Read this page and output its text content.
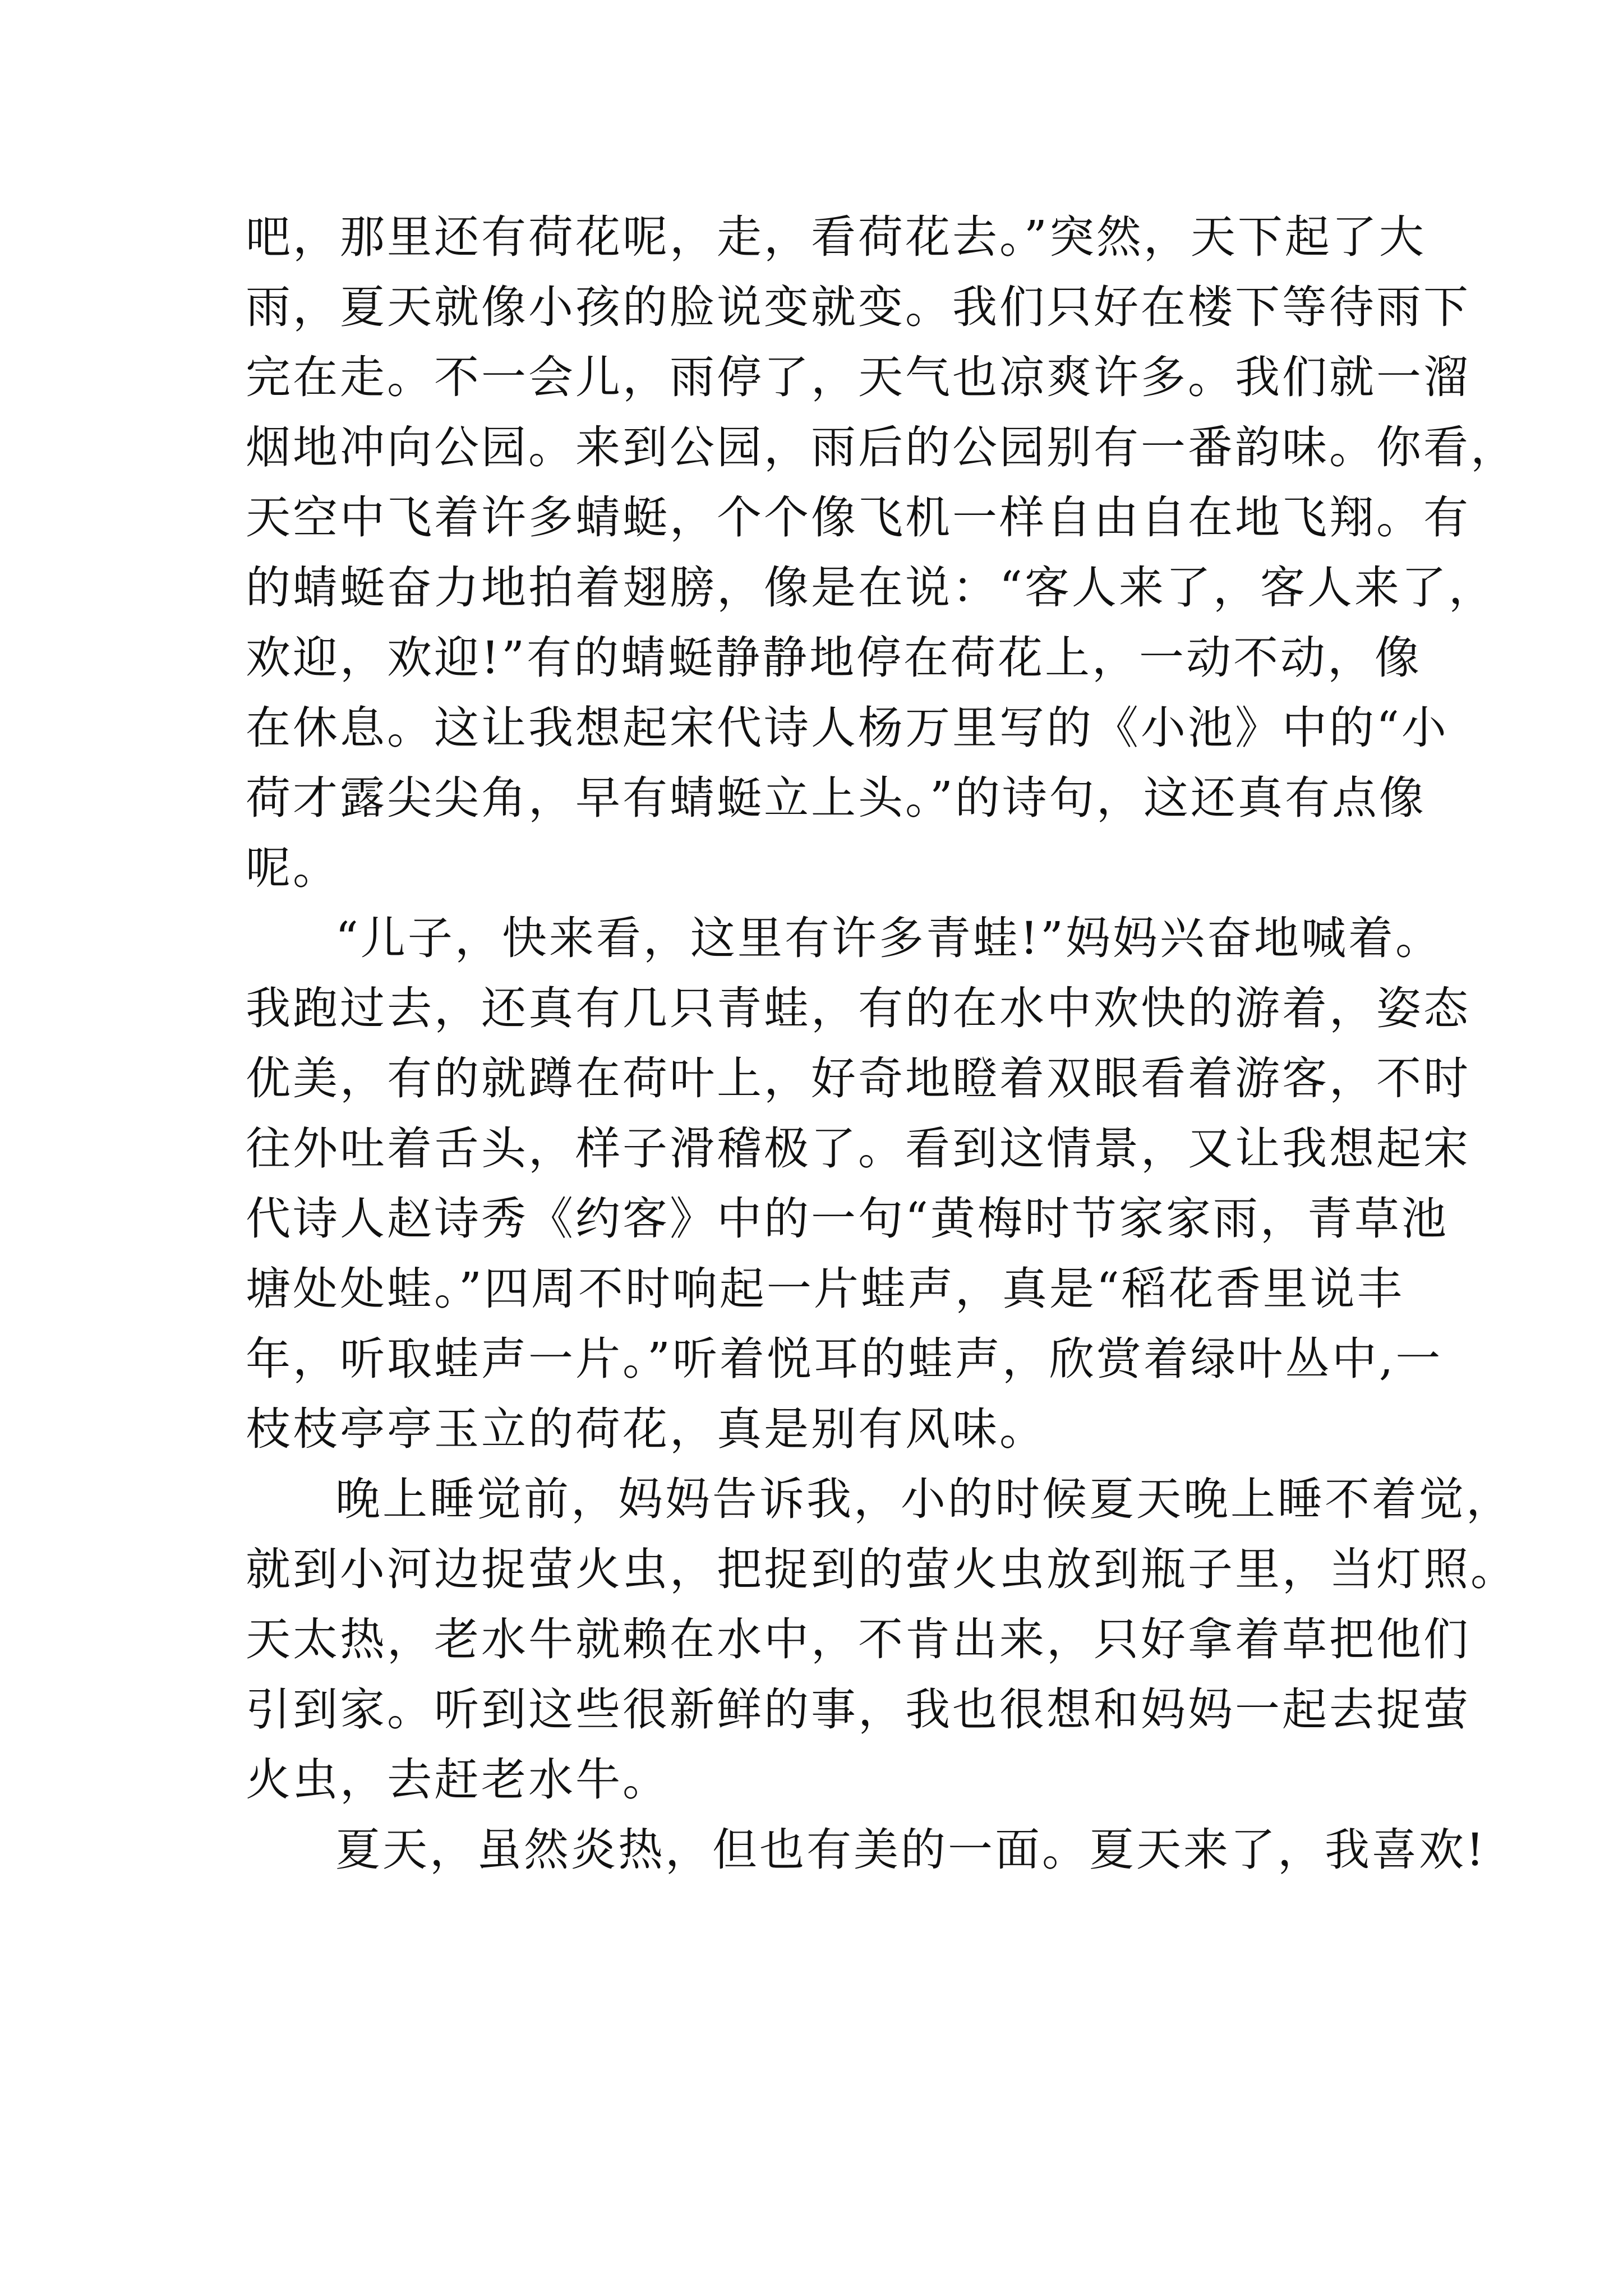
吧，那里还有荷花呢，走，看荷花去。”突然，天下起了大
雨，夏天就像小孩的脸说变就变。我们只好在楼下等待雨下
完在走。不一会儿，雨停了，天气也凉爽许多。我们就一溜
烟地冲向公园。来到公园，雨后的公园别有一番韵味。你看，
天空中飞着许多蜻蜓，个个像飞机一样自由自在地飞翔。有
的蜻蜓奋力地拍着翅膀，像是在说：“客人来了，客人来了，
欢迎，欢迎!”有的蜻蜓静静地停在荷花上，一动不动，像
在休息。这让我想起宋代诗人杨万里写的《小池》中的“小
荷才露尖尖角，早有蜻蜓立上头。”的诗句，这还真有点像
呢。
“儿子，快来看，这里有许多青蛙!”妈妈兴奋地喊着。
我跑过去，还真有几只青蛙，有的在水中欢快的游着，姿态
优美，有的就蹲在荷叶上，好奇地瞪着双眼看着游客，不时
往外吐着舌头，样子滑稽极了。看到这情景，又让我想起宋
代诗人赵诗秀《约客》中的一句“黄梅时节家家雨，青草池
塘处处蛙。”四周不时响起一片蛙声，真是“稻花香里说丰
年，听取蛙声一片。”听着悦耳的蛙声，欣赏着绿叶丛中,一
枝枝亭亭玉立的荷花，真是别有风味。
晚上睡觉前，妈妈告诉我，小的时候夏天晚上睡不着觉，
就到小河边捉萤火虫，把捉到的萤火虫放到瓶子里，当灯照。
天太热，老水牛就赖在水中，不肯出来，只好拿着草把他们
引到家。听到这些很新鲜的事，我也很想和妈妈一起去捉萤
火虫，去赶老水牛。
夏天，虽然炎热，但也有美的一面。夏天来了，我喜欢!
